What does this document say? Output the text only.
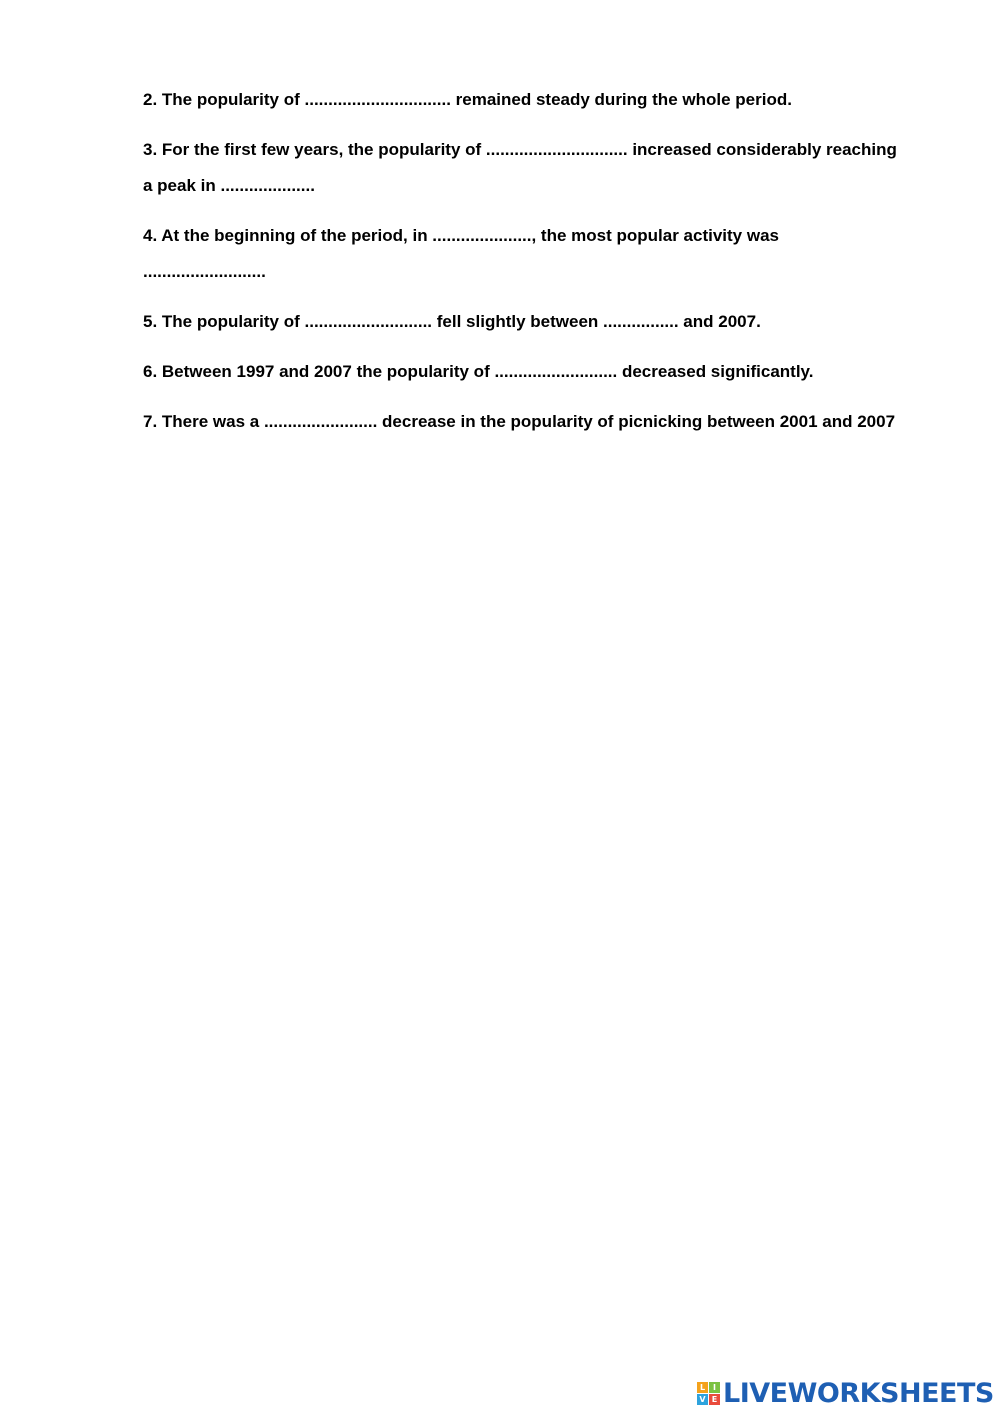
2. The popularity of ............................... remained steady during the whole period.

3. For the first few years, the popularity of .............................. increased considerably reaching a peak in ....................

4. At the beginning of the period, in ....................., the most popular activity was ..........................

5. The popularity of ........................... fell slightly between ................ and 2007.

6. Between 1997 and 2007 the popularity of .......................... decreased significantly.

7. There was a ........................ decrease in the popularity of picnicking between 2001 and 2007

L I
V E LIVEWORKSHEETS
